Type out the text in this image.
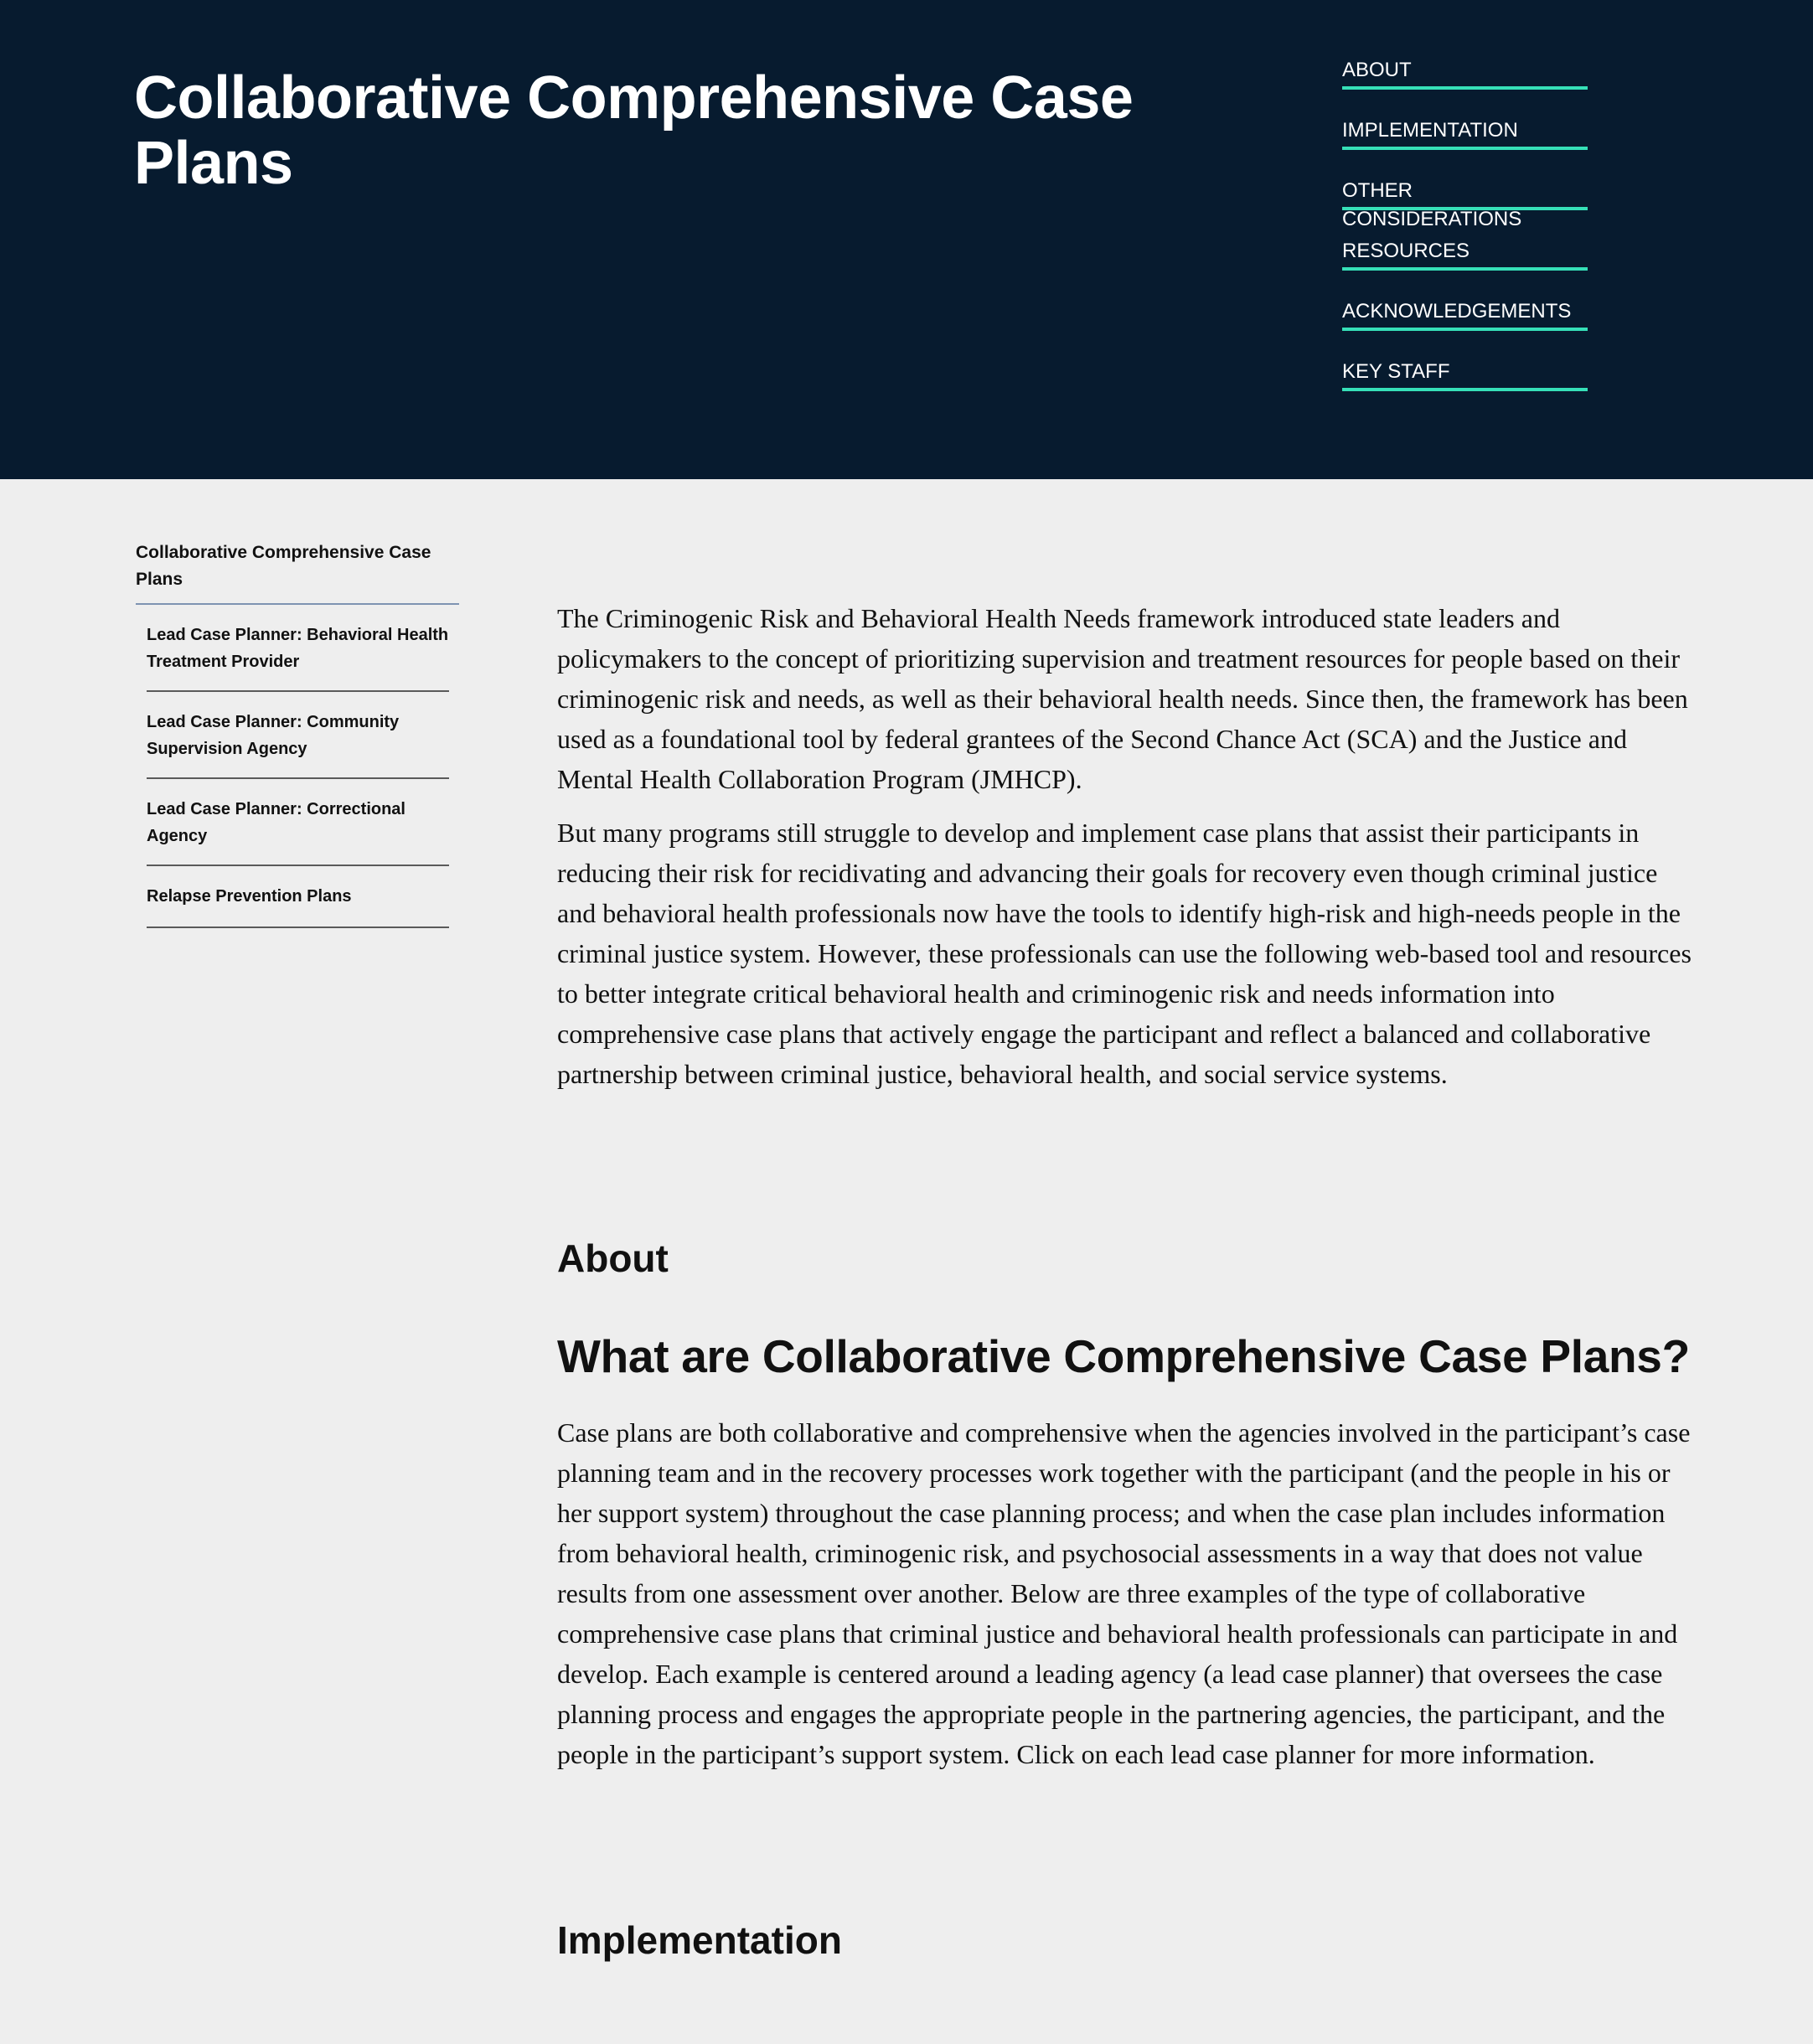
Collaborative Comprehensive Case Plans
ABOUT
IMPLEMENTATION
OTHER CONSIDERATIONS
RESOURCES
ACKNOWLEDGEMENTS
KEY STAFF
Collaborative Comprehensive Case Plans
Lead Case Planner: Behavioral Health Treatment Provider
Lead Case Planner: Community Supervision Agency
Lead Case Planner: Correctional Agency
Relapse Prevention Plans

The Criminogenic Risk and Behavioral Health Needs framework introduced state leaders and policymakers to the concept of prioritizing supervision and treatment resources for people based on their criminogenic risk and needs, as well as their behavioral health needs. Since then, the framework has been used as a foundational tool by federal grantees of the Second Chance Act (SCA) and the Justice and Mental Health Collaboration Program (JMHCP).

But many programs still struggle to develop and implement case plans that assist their participants in reducing their risk for recidivating and advancing their goals for recovery even though criminal justice and behavioral health professionals now have the tools to identify high-risk and high-needs people in the criminal justice system. However, these professionals can use the following web-based tool and resources to better integrate critical behavioral health and criminogenic risk and needs information into comprehensive case plans that actively engage the participant and reflect a balanced and collaborative partnership between criminal justice, behavioral health, and social service systems.

About
What are Collaborative Comprehensive Case Plans?

Case plans are both collaborative and comprehensive when the agencies involved in the participant’s case planning team and in the recovery processes work together with the participant (and the people in his or her support system) throughout the case planning process; and when the case plan includes information from behavioral health, criminogenic risk, and psychosocial assessments in a way that does not value results from one assessment over another. Below are three examples of the type of collaborative comprehensive case plans that criminal justice and behavioral health professionals can participate in and develop. Each example is centered around a leading agency (a lead case planner) that oversees the case planning process and engages the appropriate people in the partnering agencies, the participant, and the people in the participant’s support system. Click on each lead case planner for more information.

Implementation
